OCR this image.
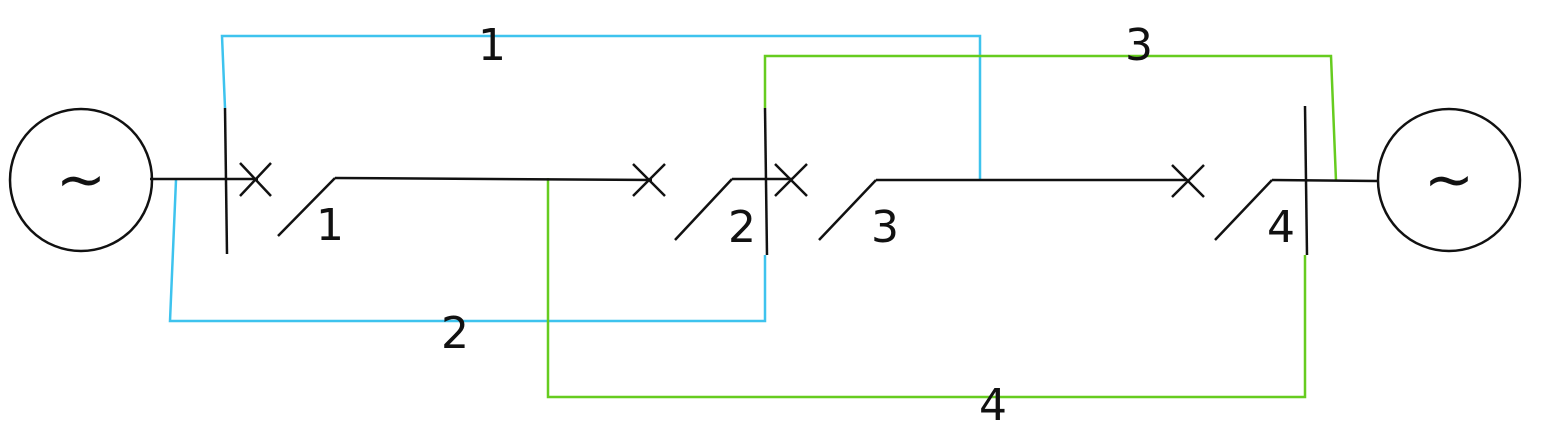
~	~
1	2	3	4
1
2
3
4
